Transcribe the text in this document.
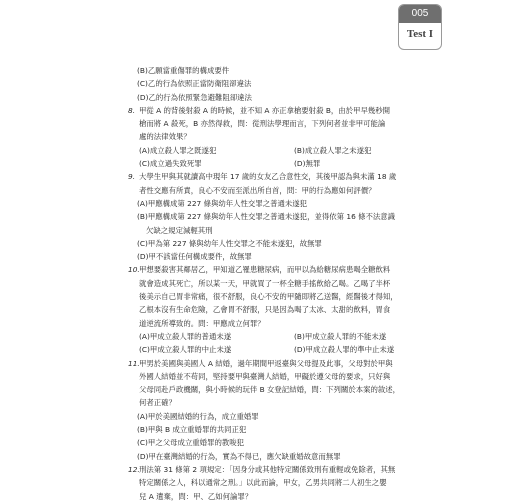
005
Test I
(B)乙願當重傷罪的構成要件
(C)乙的行為依照正當防衛阻卻違法
(D)乙的行為依照緊急避難阻卻違法
8. 甲從 A 的背後射殺 A 的時候，並不知 A 亦正拿槍要射殺 B，由於甲早幾秒開
槍而將 A 殺死，B 亦然得救，問：從刑法學理而言，下列何者並非甲可能論
處的法律效果？
(A)成立殺人罪之既遂犯	(B)成立殺人罪之未遂犯
(C)成立過失致死罪	(D)無罪
9. 大學生甲與其就讀高中現年 17 歲的女友乙合意性交，其後甲認為與未滿 18 歲
者性交應有所責，良心不安而至派出所自首，問：甲的行為應如何評價？
(A)甲應構成第 227 條與幼年人性交罪之普通未遂犯
(B)甲應構成第 227 條與幼年人性交罪之普通未遂犯，並得依第 16 條不法意識
欠缺之規定減輕其刑
(C)甲為第 227 條與幼年人性交罪之不能未遂犯，故無罪
(D)甲不該當任何構成要件，故無罪
10. 甲想要殺害其鄰居乙，甲知道乙罹患糖尿病，而甲以為給糖尿病患喝全糖飲料
就會造成其死亡，所以某一天，甲就買了一杯全糖手搖飲給乙喝。乙喝了半杯
後美示自己胃非常痛，很不舒服，良心不安的甲隨即將乙送醫，經醫後才得知，
乙根本沒有生命危險，乙會胃不舒服，只是因為喝了太冰、太甜的飲料，胃食
道逆流所導致的。問：甲應成立何罪？
(A)甲成立殺人罪的普通未遂	(B)甲成立殺人罪的不能未遂
(C)甲成立殺人罪的中止未遂	(D)甲成立殺人罪的準中止未遂
11. 甲男於美國與美國人 A 結婚，過年期間甲返臺與父母提及此事，父母對於甲與
外國人結婚並不苟同，堅持要甲與臺灣人結婚，甲礙於遵父母的要求，只好與
父母同赴戶政機關，與小時候的玩伴 B 女登記結婚，問：下列關於本案的敘述，
何者正確？
(A)甲於美國結婚的行為，成立重婚罪
(B)甲與 B 成立重婚罪的共同正犯
(C)甲之父母成立重婚罪的教唆犯
(D)甲在臺灣結婚的行為，實為不得已，應欠缺重婚故意而無罪
12. 刑法第 31 條第 2 項規定：「因身分或其他特定關係致刑有重輕或免除者，其無
特定關係之人，科以通常之刑。」以此而論，甲女，乙男共同將二人初生之嬰
兒 A 遺棄，問：甲、乙如何論罪？
